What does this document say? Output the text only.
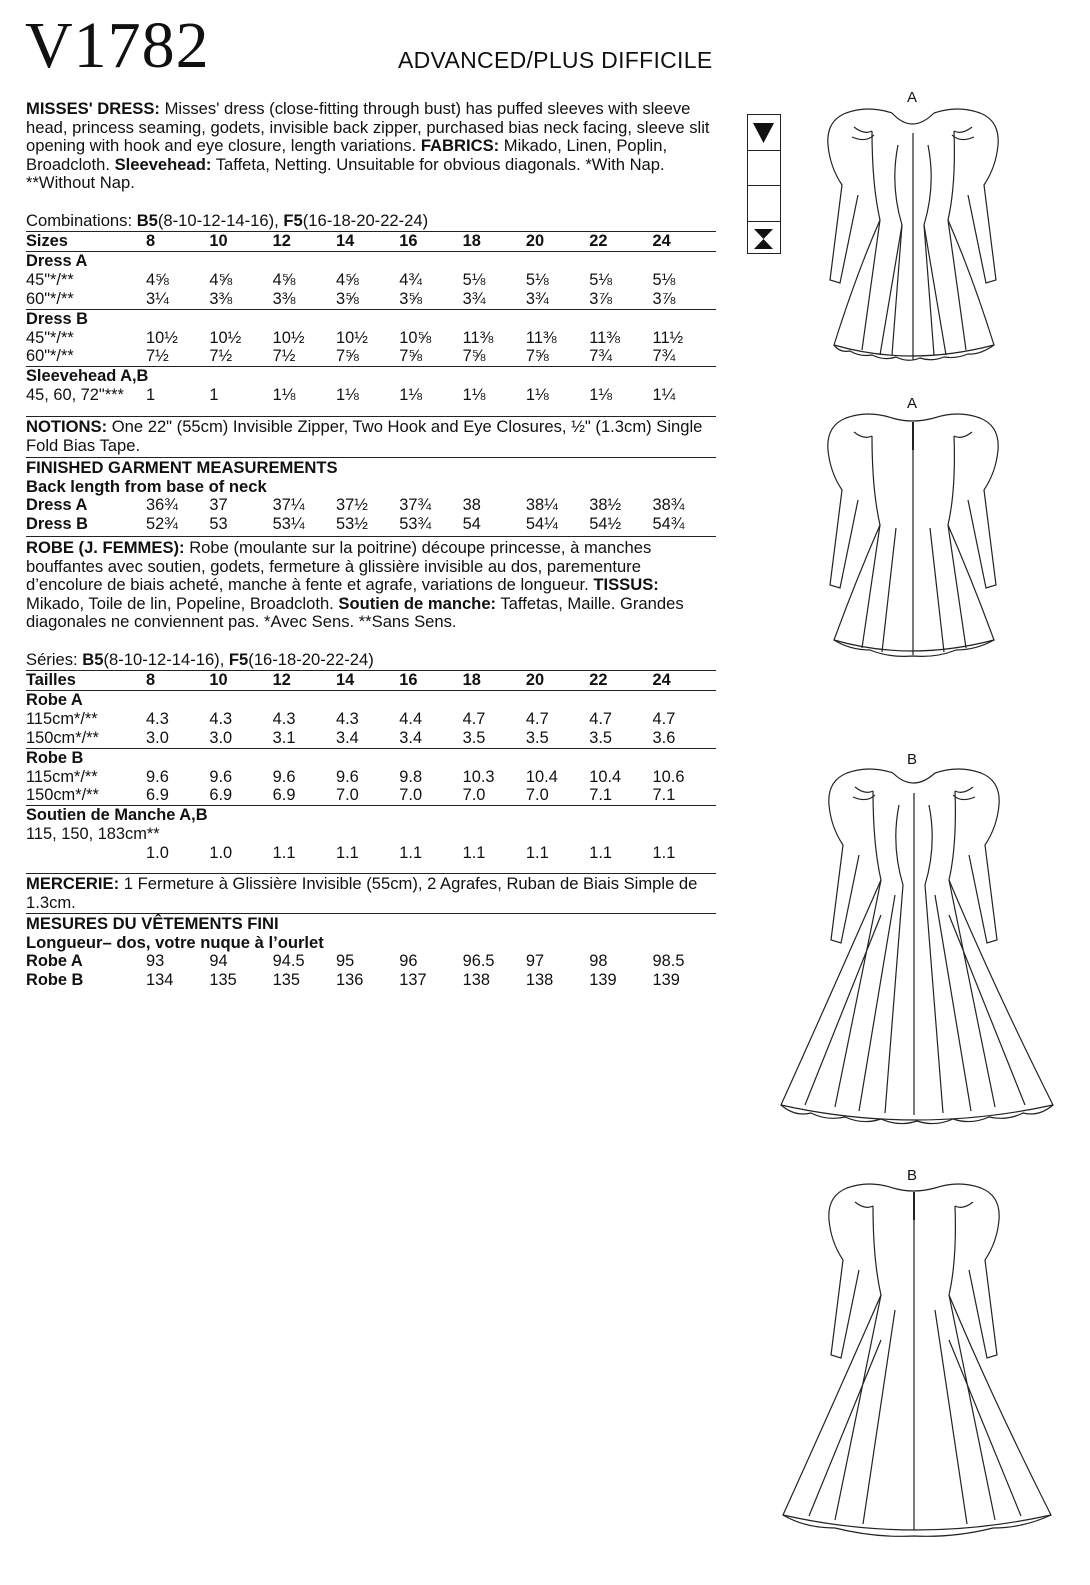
V1782	ADVANCED/PLUS DIFFICILE

MISSES' DRESS: Misses' dress (close-fitting through bust) has puffed sleeves with sleeve head, princess seaming, godets, invisible back zipper, purchased bias neck facing, sleeve slit opening with hook and eye closure, length variations. FABRICS: Mikado, Linen, Poplin, Broadcloth. Sleevehead: Taffeta, Netting. Unsuitable for obvious diagonals. *With Nap. **Without Nap.

Combinations: B5(8-10-12-14-16), F5(16-18-20-22-24)

Sizes	8	10	12	14	16	18	20	22	24
Dress A									
45"*/**	4⅝	4⅝	4⅝	4⅝	4¾	5⅛	5⅛	5⅛	5⅛
60"*/**	3¼	3⅜	3⅜	3⅝	3⅝	3¾	3¾	3⅞	3⅞
Dress B									
45"*/**	10½	10½	10½	10½	10⅝	11⅜	11⅜	11⅜	11½
60"*/**	7½	7½	7½	7⅝	7⅝	7⅝	7⅝	7¾	7¾
Sleevehead A,B									
45, 60, 72"***	1	1	1⅛	1⅛	1⅛	1⅛	1⅛	1⅛	1¼

NOTIONS: One 22" (55cm) Invisible Zipper, Two Hook and Eye Closures, ½" (1.3cm) Single Fold Bias Tape.

FINISHED GARMENT MEASUREMENTS
Back length from base of neck
Dress A	36¾	37	37¼	37½	37¾	38	38¼	38½	38¾
Dress B	52¾	53	53¼	53½	53¾	54	54¼	54½	54¾

ROBE (J. FEMMES): Robe (moulante sur la poitrine) découpe princesse, à manches bouffantes avec soutien, godets, fermeture à glissière invisible au dos, parementure d’encolure de biais acheté, manche à fente et agrafe, variations de longueur. TISSUS: Mikado, Toile de lin, Popeline, Broadcloth. Soutien de manche: Taffetas, Maille. Grandes diagonales ne conviennent pas. *Avec Sens. **Sans Sens.

Séries: B5(8-10-12-14-16), F5(16-18-20-22-24)

Tailles	8	10	12	14	16	18	20	22	24
Robe A									
115cm*/**	4.3	4.3	4.3	4.3	4.4	4.7	4.7	4.7	4.7
150cm*/**	3.0	3.0	3.1	3.4	3.4	3.5	3.5	3.5	3.6
Robe B									
115cm*/**	9.6	9.6	9.6	9.6	9.8	10.3	10.4	10.4	10.6
150cm*/**	6.9	6.9	6.9	7.0	7.0	7.0	7.0	7.1	7.1
Soutien de Manche A,B									
115, 150, 183cm**									
	1.0	1.0	1.1	1.1	1.1	1.1	1.1	1.1	1.1

MERCERIE: 1 Fermeture à Glissière Invisible (55cm), 2 Agrafes, Ruban de Biais Simple de 1.3cm.

MESURES DU VÊTEMENTS FINI
Longueur– dos, votre nuque à l’ourlet
Robe A	93	94	94.5	95	96	96.5	97	98	98.5
Robe B	134	135	135	136	137	138	138	139	139
A
A
B
B
